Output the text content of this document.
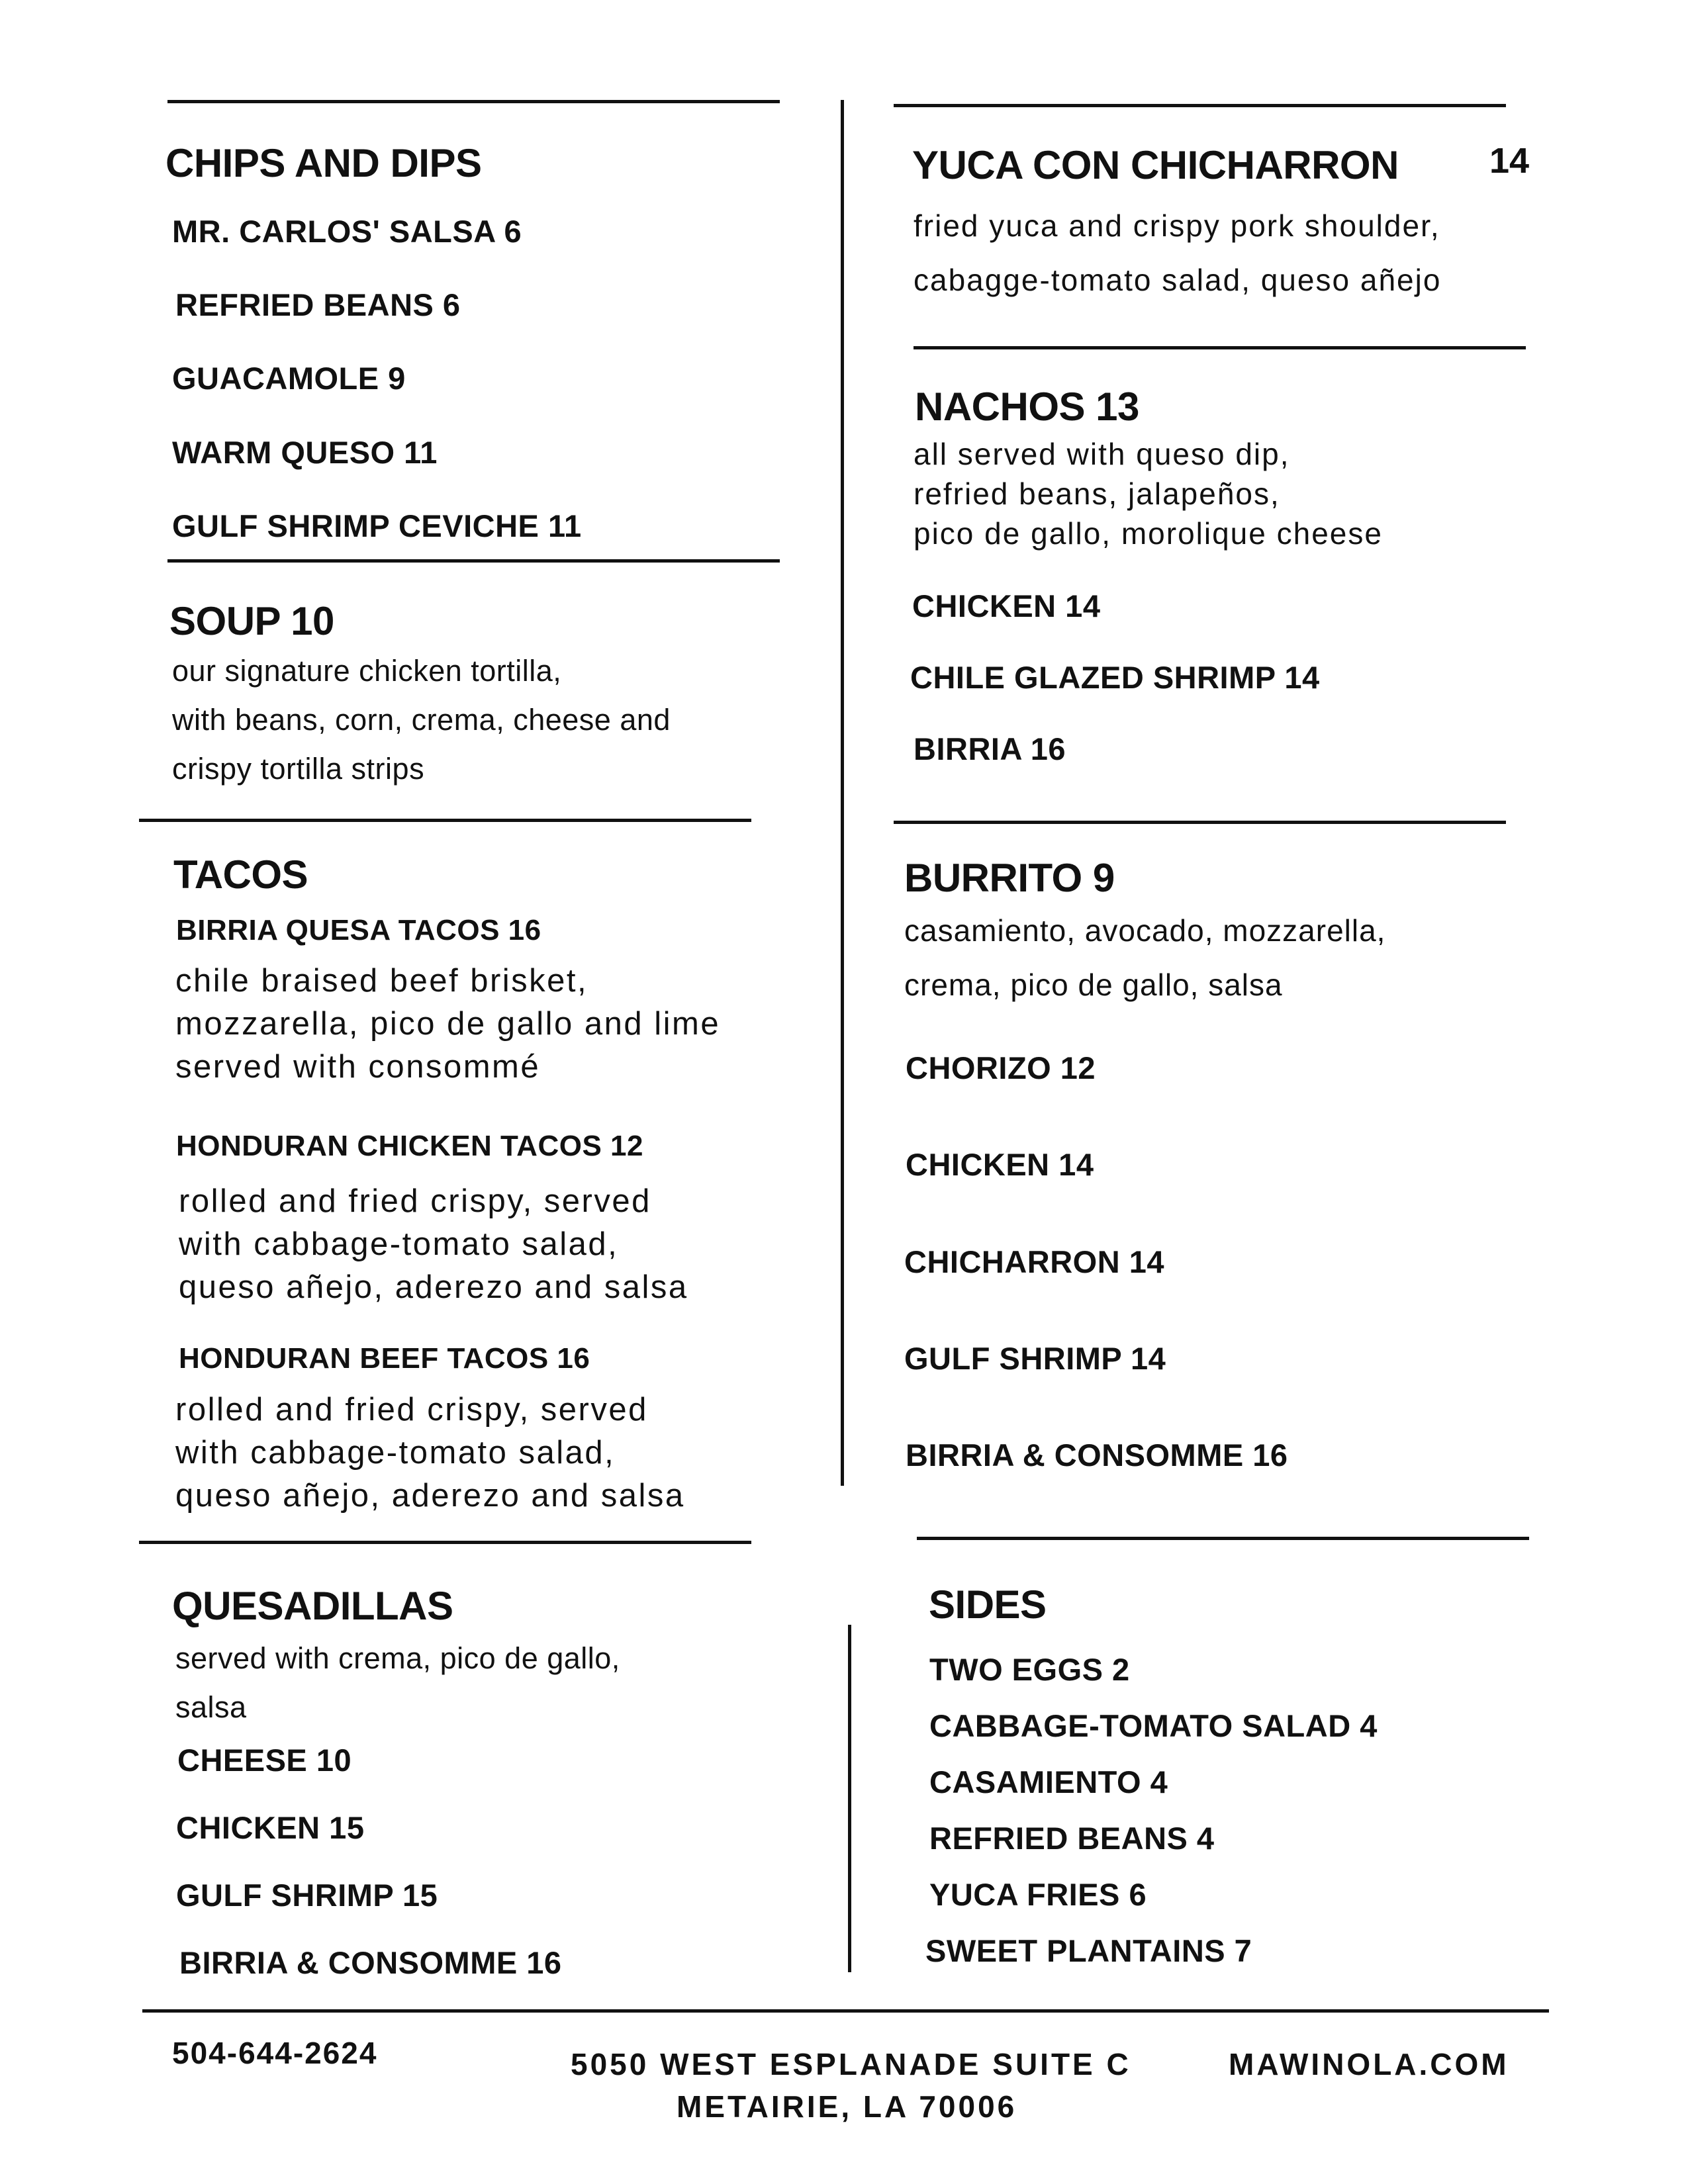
CHIPS AND DIPS
MR. CARLOS' SALSA 6
REFRIED BEANS 6
GUACAMOLE 9
WARM QUESO 11
GULF SHRIMP CEVICHE 11
SOUP 10
our signature chicken tortilla,
with beans, corn, crema, cheese and
crispy tortilla strips
TACOS
BIRRIA QUESA TACOS 16
chile braised beef brisket,
mozzarella, pico de gallo and lime
served with consommé
HONDURAN CHICKEN TACOS 12
rolled and fried crispy, served
with cabbage-tomato salad,
queso añejo, aderezo and salsa
HONDURAN BEEF TACOS 16
rolled and fried crispy, served
with cabbage-tomato salad,
queso añejo, aderezo and salsa
QUESADILLAS
served with crema, pico de gallo,
salsa
CHEESE 10
CHICKEN 15
GULF SHRIMP 15
BIRRIA & CONSOMME 16
YUCA CON CHICHARRON	14
fried yuca and crispy pork shoulder,
cabagge-tomato salad, queso añejo
NACHOS 13
all served with queso dip,
refried beans, jalapeños,
pico de gallo, morolique cheese
CHICKEN 14
CHILE GLAZED SHRIMP 14
BIRRIA 16
BURRITO 9
casamiento, avocado, mozzarella,
crema, pico de gallo, salsa
CHORIZO 12
CHICKEN 14
CHICHARRON 14
GULF SHRIMP 14
BIRRIA & CONSOMME 16
SIDES
TWO EGGS 2
CABBAGE-TOMATO SALAD 4
CASAMIENTO 4
REFRIED BEANS 4
YUCA FRIES 6
SWEET PLANTAINS 7
504-644-2624	5050 WEST ESPLANADE SUITE C
METAIRIE, LA 70006
MAWINOLA.COM
